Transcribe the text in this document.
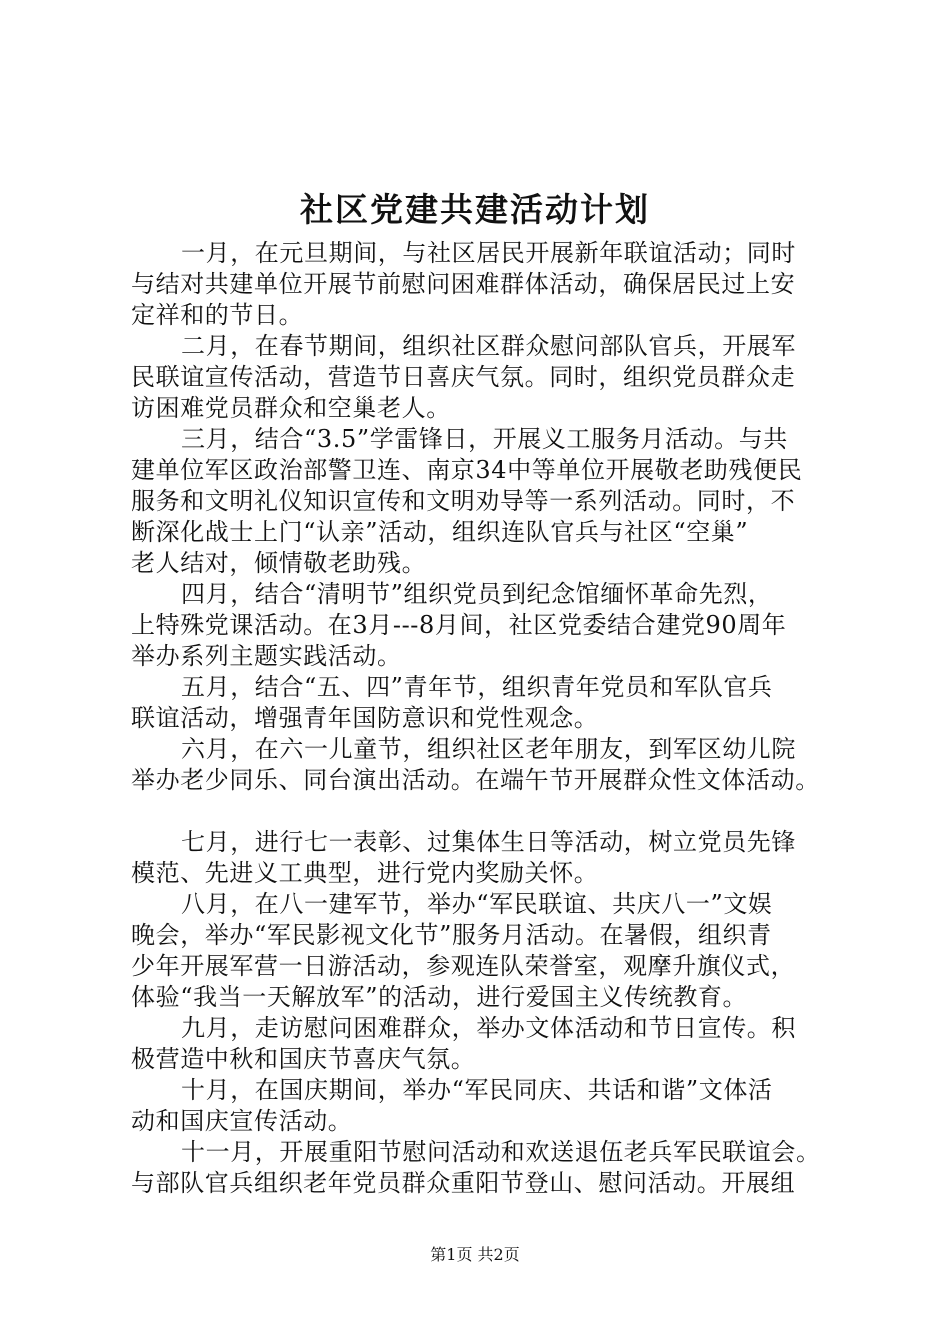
社区党建共建活动计划
一月，在元旦期间，与社区居民开展新年联谊活动；同时
与结对共建单位开展节前慰问困难群体活动，确保居民过上安
定祥和的节日。
二月，在春节期间，组织社区群众慰问部队官兵，开展军
民联谊宣传活动，营造节日喜庆气氛。同时，组织党员群众走
访困难党员群众和空巢老人。
三月，结合“3.5”学雷锋日，开展义工服务月活动。与共
建单位军区政治部警卫连、南京34中等单位开展敬老助残便民
服务和文明礼仪知识宣传和文明劝导等一系列活动。同时，不
断深化战士上门“认亲”活动，组织连队官兵与社区“空巢”
老人结对，倾情敬老助残。
四月，结合“清明节”组织党员到纪念馆缅怀革命先烈，
上特殊党课活动。在3月---8月间，社区党委结合建党90周年
举办系列主题实践活动。
五月，结合“五、四”青年节，组织青年党员和军队官兵
联谊活动，增强青年国防意识和党性观念。
六月，在六一儿童节，组织社区老年朋友，到军区幼儿院
举办老少同乐、同台演出活动。在端午节开展群众性文体活动。
七月，进行七一表彰、过集体生日等活动，树立党员先锋
模范、先进义工典型，进行党内奖励关怀。
八月，在八一建军节，举办“军民联谊、共庆八一”文娱
晚会，举办“军民影视文化节”服务月活动。在暑假，组织青
少年开展军营一日游活动，参观连队荣誉室，观摩升旗仪式，
体验“我当一天解放军”的活动，进行爱国主义传统教育。
九月，走访慰问困难群众，举办文体活动和节日宣传。积
极营造中秋和国庆节喜庆气氛。
十月，在国庆期间，举办“军民同庆、共话和谐”文体活
动和国庆宣传活动。
十一月，开展重阳节慰问活动和欢送退伍老兵军民联谊会。
与部队官兵组织老年党员群众重阳节登山、慰问活动。开展组
第1页 共2页
